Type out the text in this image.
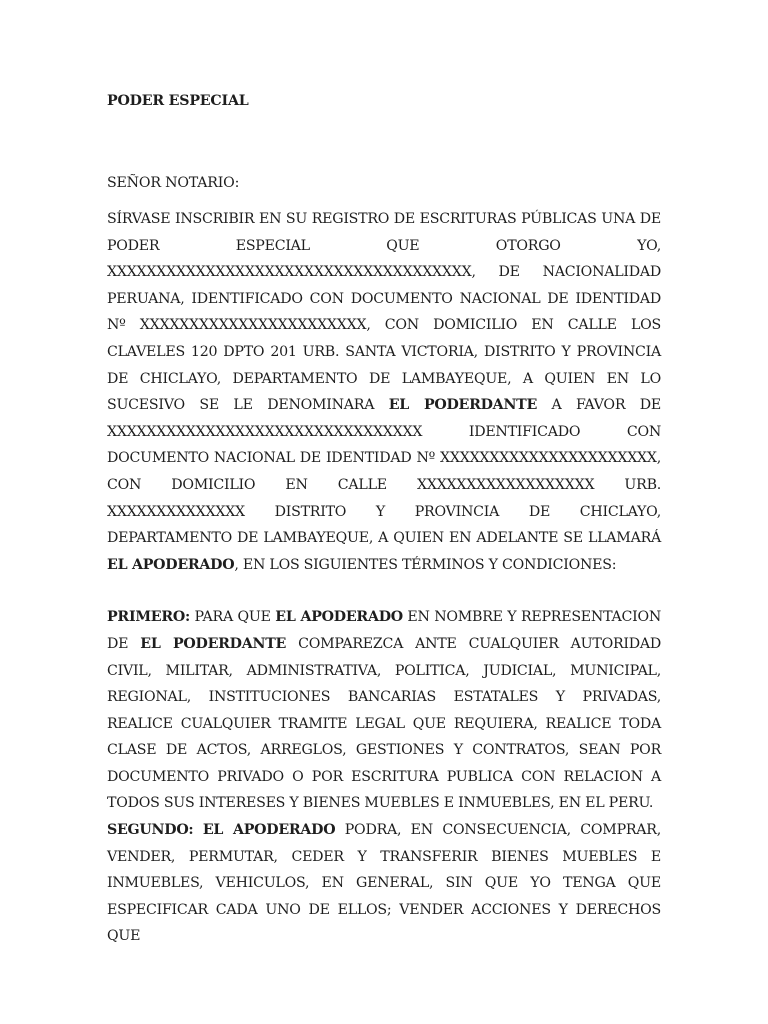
PODER ESPECIAL

SEÑOR NOTARIO:

SÍRVASE INSCRIBIR EN SU REGISTRO DE ESCRITURAS PÚBLICAS UNA DE PODER ESPECIAL QUE OTORGO YO, XXXXXXXXXXXXXXXXXXXXXXXXXXXXXXXXXXXXX, DE NACIONALIDAD PERUANA, IDENTIFICADO CON DOCUMENTO NACIONAL DE IDENTIDAD Nº XXXXXXXXXXXXXXXXXXXXXXX, CON DOMICILIO EN CALLE LOS CLAVELES 120 DPTO 201 URB. SANTA VICTORIA, DISTRITO Y PROVINCIA DE CHICLAYO, DEPARTAMENTO DE LAMBAYEQUE, A QUIEN EN LO SUCESIVO SE LE DENOMINARA EL PODERDANTE A FAVOR DE XXXXXXXXXXXXXXXXXXXXXXXXXXXXXXXX IDENTIFICADO CON DOCUMENTO NACIONAL DE IDENTIDAD Nº XXXXXXXXXXXXXXXXXXXXXX, CON DOMICILIO EN CALLE XXXXXXXXXXXXXXXXXX URB. XXXXXXXXXXXXXX DISTRITO Y PROVINCIA DE CHICLAYO, DEPARTAMENTO DE LAMBAYEQUE, A QUIEN EN ADELANTE SE LLAMARÁ EL APODERADO, EN LOS SIGUIENTES TÉRMINOS Y CONDICIONES:

PRIMERO: PARA QUE EL APODERADO EN NOMBRE Y REPRESENTACION DE EL PODERDANTE COMPAREZCA ANTE CUALQUIER AUTORIDAD CIVIL, MILITAR, ADMINISTRATIVA, POLITICA, JUDICIAL, MUNICIPAL, REGIONAL, INSTITUCIONES BANCARIAS ESTATALES Y PRIVADAS, REALICE CUALQUIER TRAMITE LEGAL QUE REQUIERA, REALICE TODA CLASE DE ACTOS, ARREGLOS, GESTIONES Y CONTRATOS, SEAN POR DOCUMENTO PRIVADO O POR ESCRITURA PUBLICA CON RELACION A TODOS SUS INTERESES Y BIENES MUEBLES E INMUEBLES, EN EL PERU.

SEGUNDO: EL APODERADO PODRA, EN CONSECUENCIA, COMPRAR, VENDER, PERMUTAR, CEDER Y TRANSFERIR BIENES MUEBLES E INMUEBLES, VEHICULOS, EN GENERAL, SIN QUE YO TENGA QUE ESPECIFICAR CADA UNO DE ELLOS; VENDER ACCIONES Y DERECHOS QUE
